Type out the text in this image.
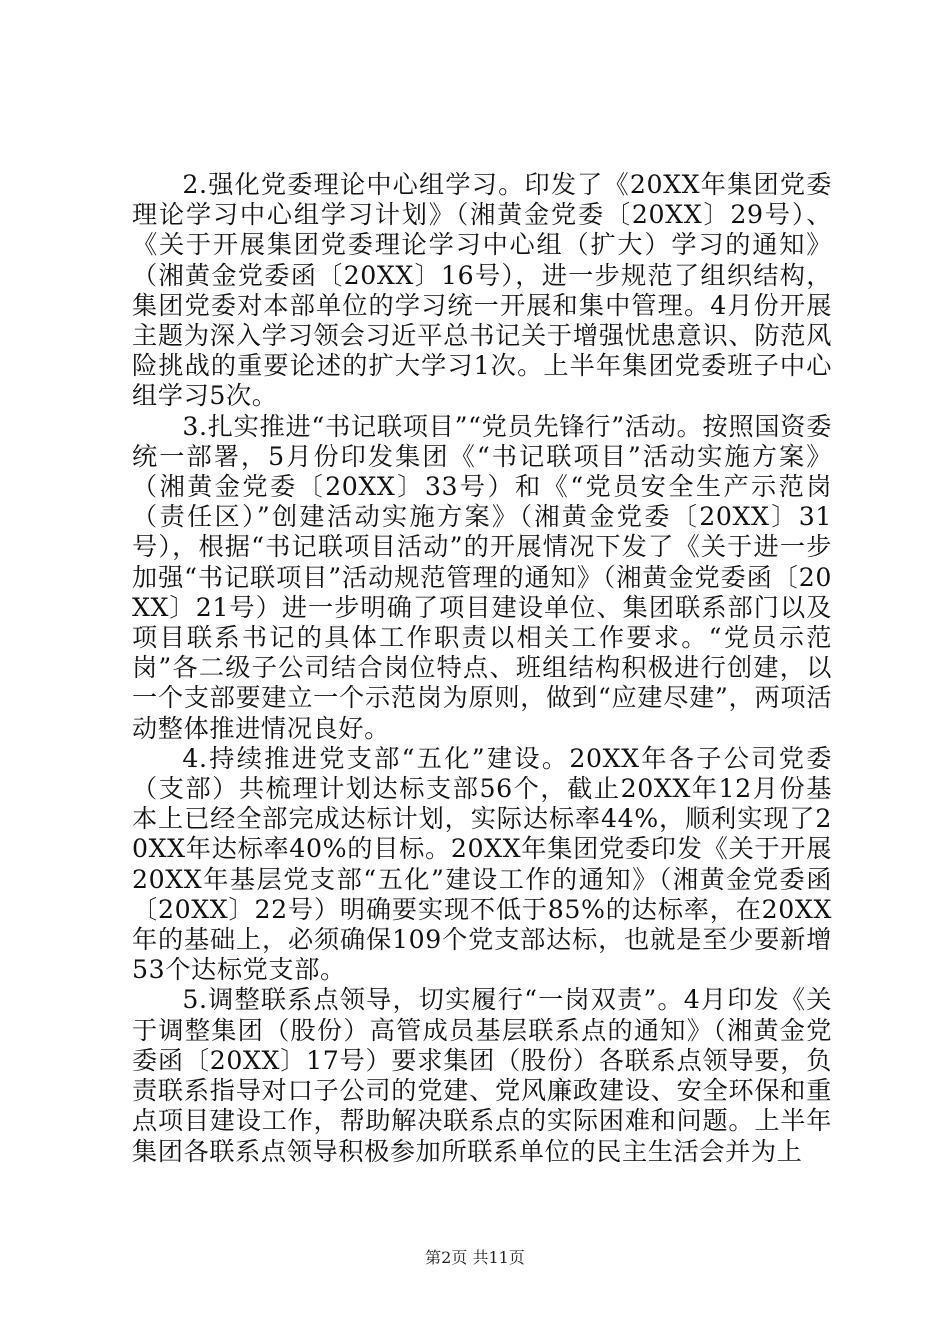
2.强化党委理论中心组学习。印发了《20XX年集团党委理论学习中心组学习计划》（湘黄金党委〔20XX〕29号）、《关于开展集团党委理论学习中心组（扩大）学习的通知》（湘黄金党委函〔20XX〕16号），进一步规范了组织结构，集团党委对本部单位的学习统一开展和集中管理。4月份开展主题为深入学习领会习近平总书记关于增强忧患意识、防范风险挑战的重要论述的扩大学习1次。上半年集团党委班子中心组学习5次。

3.扎实推进“书记联项目”“党员先锋行”活动。按照国资委统一部署，5月份印发集团《“书记联项目”活动实施方案》（湘黄金党委〔20XX〕33号）和《“党员安全生产示范岗（责任区）”创建活动实施方案》（湘黄金党委〔20XX〕31号），根据“书记联项目活动”的开展情况下发了《关于进一步加强“书记联项目”活动规范管理的通知》（湘黄金党委函〔20XX〕21号）进一步明确了项目建设单位、集团联系部门以及项目联系书记的具体工作职责以相关工作要求。“党员示范岗”各二级子公司结合岗位特点、班组结构积极进行创建，以一个支部要建立一个示范岗为原则，做到“应建尽建”，两项活动整体推进情况良好。

4.持续推进党支部“五化”建设。20XX年各子公司党委（支部）共梳理计划达标支部56个，截止20XX年12月份基本上已经全部完成达标计划，实际达标率44%，顺利实现了20XX年达标率40%的目标。20XX年集团党委印发《关于开展20XX年基层党支部“五化”建设工作的通知》（湘黄金党委函〔20XX〕22号）明确要实现不低于85%的达标率，在20XX年的基础上，必须确保109个党支部达标，也就是至少要新增53个达标党支部。

5.调整联系点领导，切实履行“一岗双责”。4月印发《关于调整集团（股份）高管成员基层联系点的通知》（湘黄金党委函〔20XX〕17号）要求集团（股份）各联系点领导要，负责联系指导对口子公司的党建、党风廉政建设、安全环保和重点项目建设工作，帮助解决联系点的实际困难和问题。上半年集团各联系点领导积极参加所联系单位的民主生活会并为上

第2页 共11页
